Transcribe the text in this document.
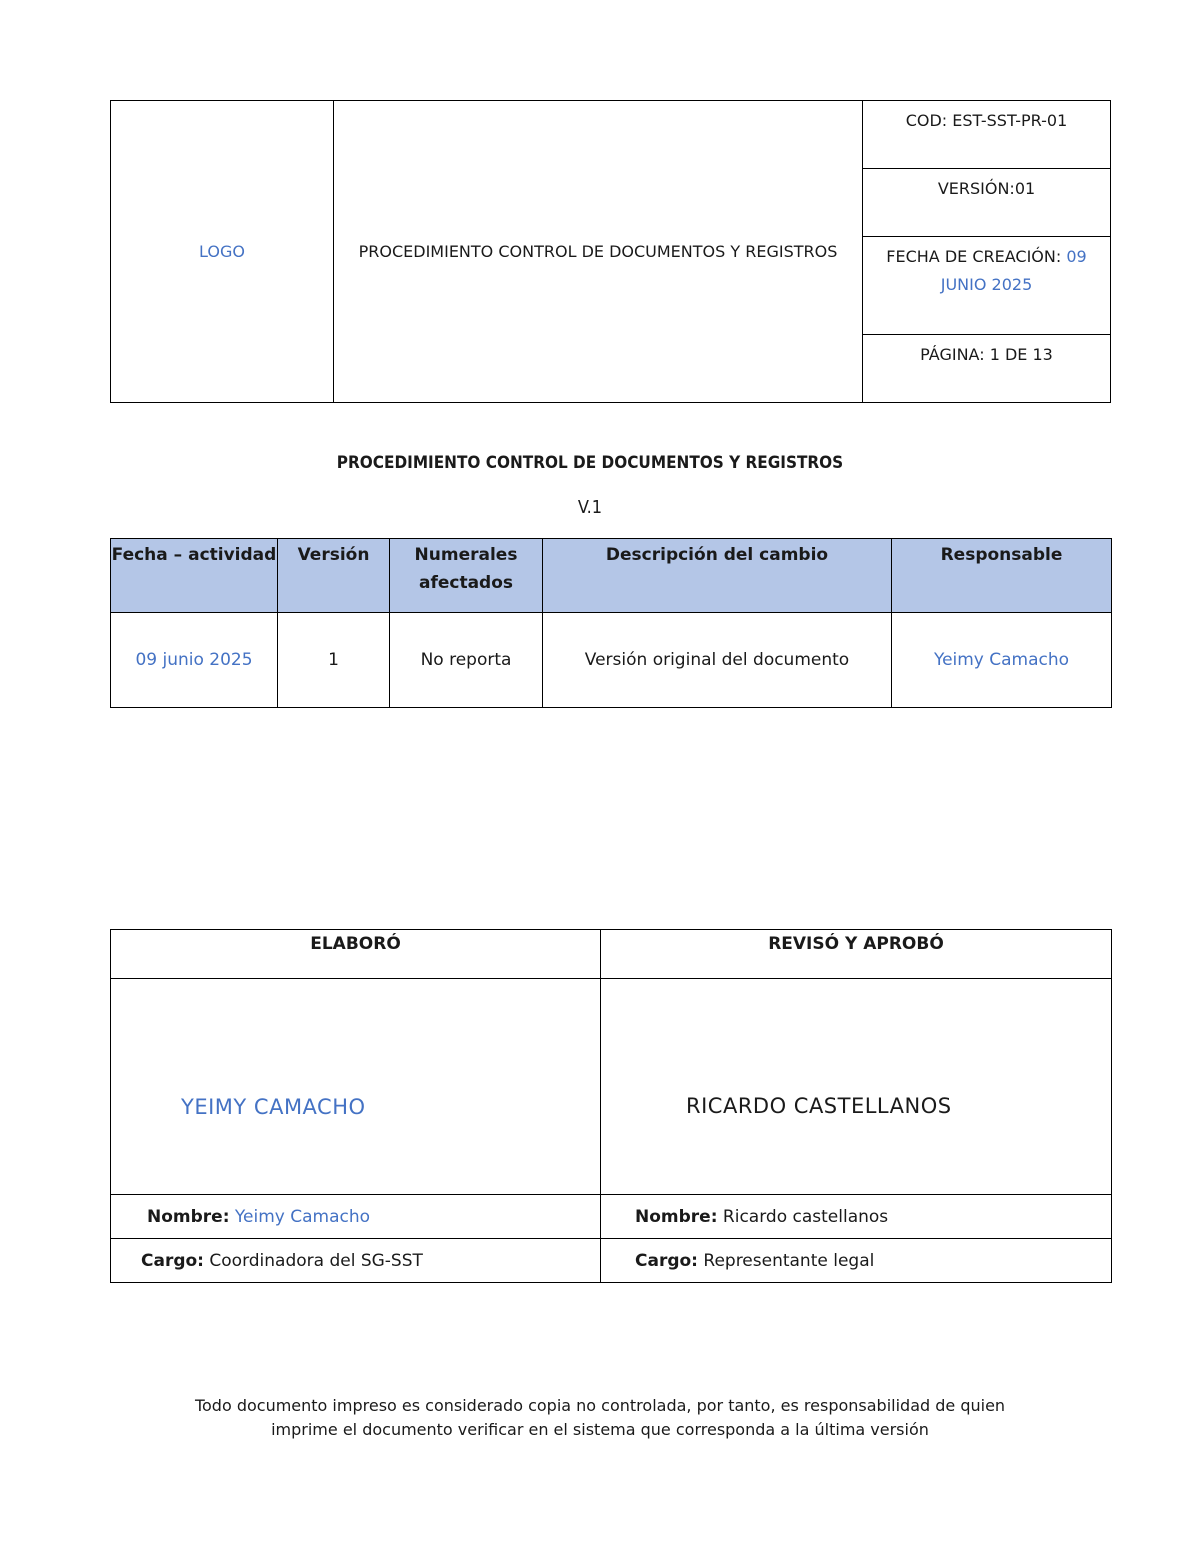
LOGO	PROCEDIMIENTO CONTROL DE DOCUMENTOS Y REGISTROS	COD: EST-SST-PR-01
VERSIÓN:01
FECHA DE CREACIÓN: 09 JUNIO 2025
PÁGINA: 1 DE 13
PROCEDIMIENTO CONTROL DE DOCUMENTOS Y REGISTROS
V.1
Fecha – actividad	Versión	Numerales afectados	Descripción del cambio	Responsable
09 junio 2025	1	No reporta	Versión original del documento	Yeimy Camacho
ELABORÓ	REVISÓ Y APROBÓ

YEIMY CAMACHO	RICARDO CASTELLANOS

Nombre: Yeimy Camacho	Nombre: Ricardo castellanos
Cargo: Coordinadora del SG-SST	Cargo: Representante legal
Todo documento impreso es considerado copia no controlada, por tanto, es responsabilidad de quien
imprime el documento verificar en el sistema que corresponda a la última versión
